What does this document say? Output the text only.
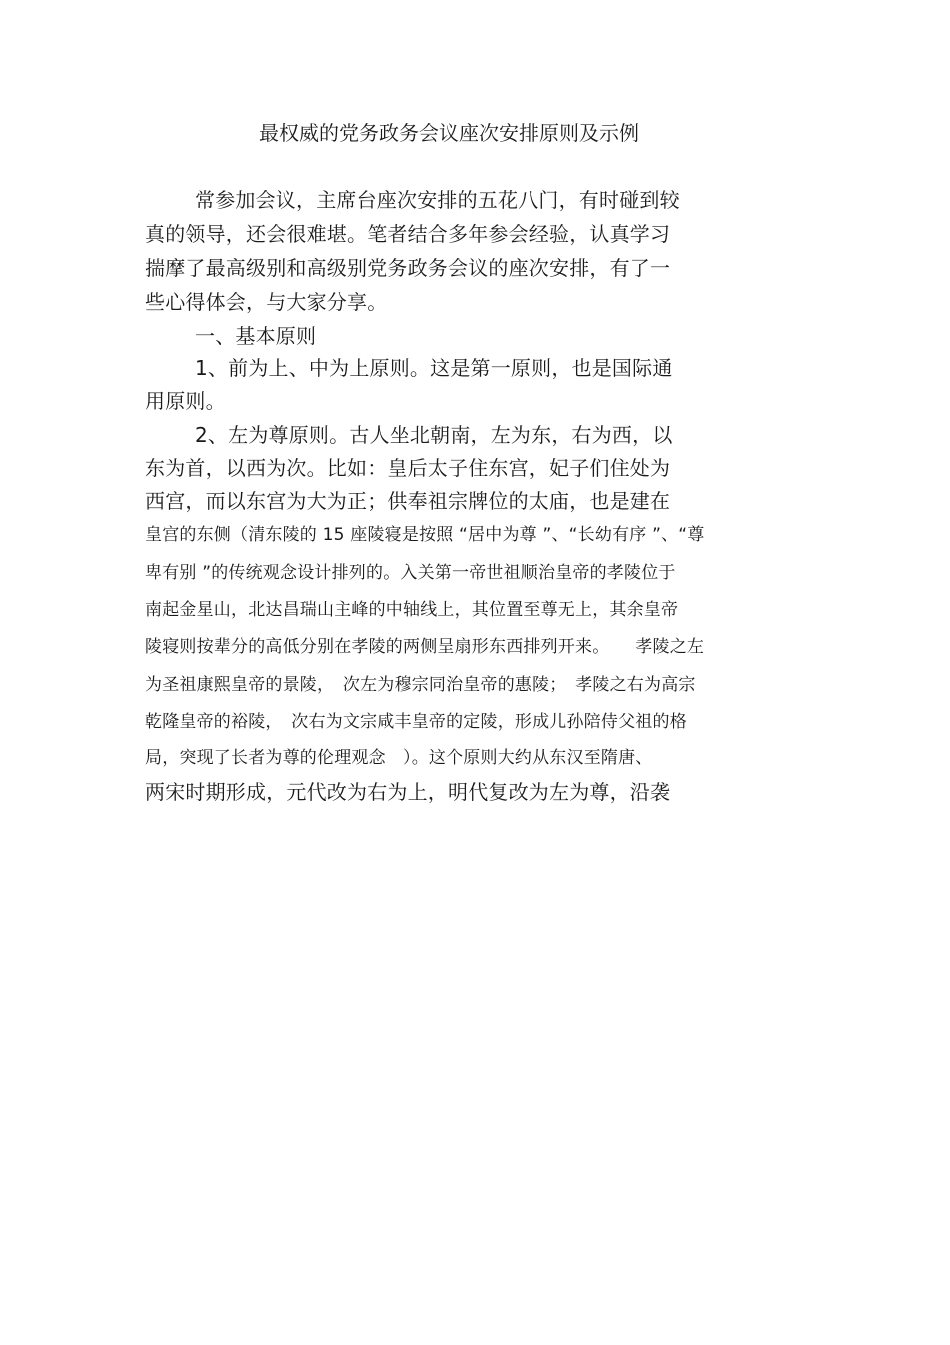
最权威的党务政务会议座次安排原则及示例
常参加会议，主席台座次安排的五花八门，有时碰到较
真的领导，还会很难堪。笔者结合多年参会经验，认真学习
揣摩了最高级别和高级别党务政务会议的座次安排，有了一
些心得体会，与大家分享。
一、基本原则
1、前为上、中为上原则。这是第一原则，也是国际通
用原则。
2、左为尊原则。古人坐北朝南，左为东，右为西，以
东为首，以西为次。比如：皇后太子住东宫，妃子们住处为
西宫，而以东宫为大为正；供奉祖宗牌位的太庙，也是建在
皇宫的东侧（清东陵的 15 座陵寝是按照 “居中为尊 ”、“长幼有序 ”、“尊
卑有别 ”的传统观念设计排列的。入关第一帝世祖顺治皇帝的孝陵位于
南起金星山，北达昌瑞山主峰的中轴线上，其位置至尊无上，其余皇帝
陵寝则按辈分的高低分别在孝陵的两侧呈扇形东西排列开来。　　孝陵之左
为圣祖康熙皇帝的景陵，　次左为穆宗同治皇帝的惠陵；　孝陵之右为高宗
乾隆皇帝的裕陵，　次右为文宗咸丰皇帝的定陵，形成儿孙陪侍父祖的格
局，突现了长者为尊的伦理观念　）。这个原则大约从东汉至隋唐、
两宋时期形成，元代改为右为上，明代复改为左为尊，沿袭
